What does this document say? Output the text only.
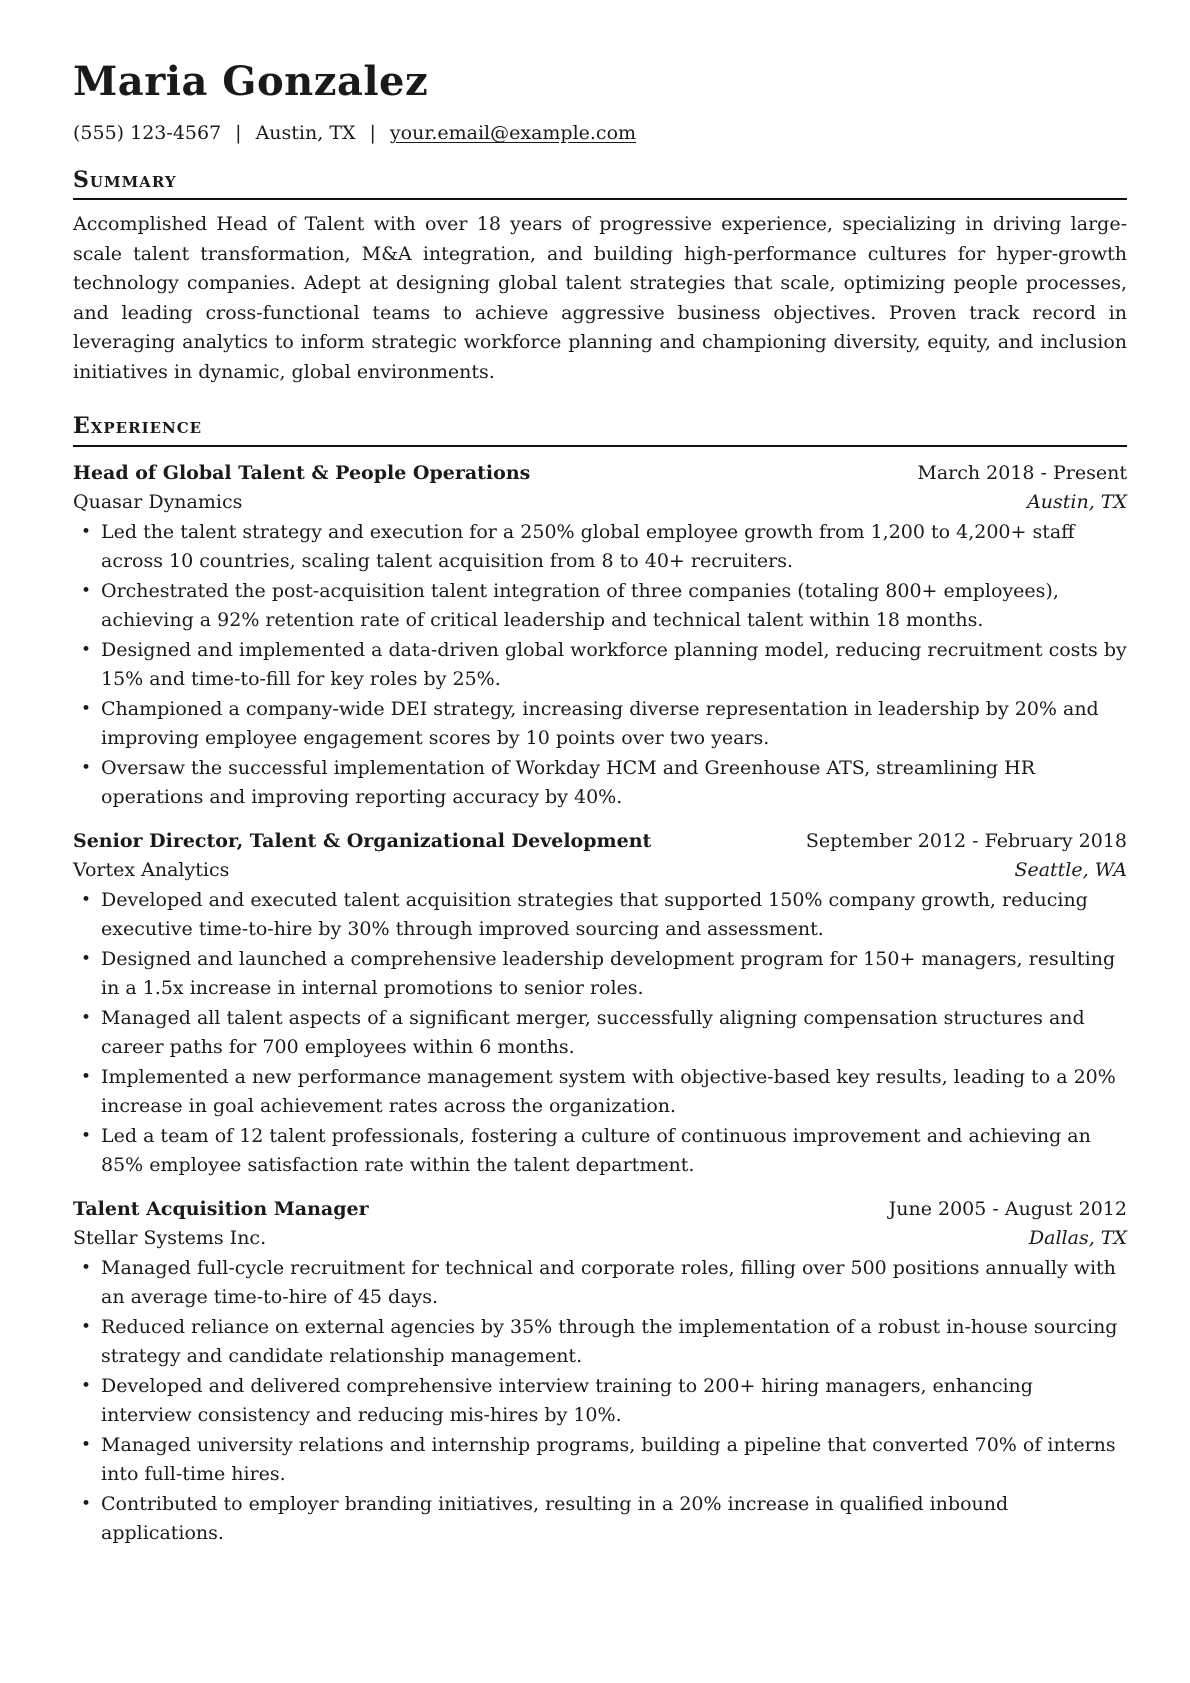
Maria Gonzalez
(555) 123-4567 | Austin, TX | your.email@example.com
Summary

Accomplished Head of Talent with over 18 years of progressive experience, specializing in driving large-scale talent transformation, M&A integration, and building high-performance cultures for hyper-growth technology companies. Adept at designing global talent strategies that scale, optimizing people processes, and leading cross-functional teams to achieve aggressive business objectives. Proven track record in leveraging analytics to inform strategic workforce planning and championing diversity, equity, and inclusion initiatives in dynamic, global environments.

Experience
Head of Global Talent & People Operations	March 2018 - Present
Quasar Dynamics	Austin, TX
• Led the talent strategy and execution for a 250% global employee growth from 1,200 to 4,200+ staff across 10 countries, scaling talent acquisition from 8 to 40+ recruiters.
• Orchestrated the post-acquisition talent integration of three companies (totaling 800+ employees), achieving a 92% retention rate of critical leadership and technical talent within 18 months.
• Designed and implemented a data-driven global workforce planning model, reducing recruitment costs by 15% and time-to-fill for key roles by 25%.
• Championed a company-wide DEI strategy, increasing diverse representation in leadership by 20% and improving employee engagement scores by 10 points over two years.
• Oversaw the successful implementation of Workday HCM and Greenhouse ATS, streamlining HR operations and improving reporting accuracy by 40%.
Senior Director, Talent & Organizational Development	September 2012 - February 2018
Vortex Analytics	Seattle, WA
• Developed and executed talent acquisition strategies that supported 150% company growth, reducing executive time-to-hire by 30% through improved sourcing and assessment.
• Designed and launched a comprehensive leadership development program for 150+ managers, resulting in a 1.5x increase in internal promotions to senior roles.
• Managed all talent aspects of a significant merger, successfully aligning compensation structures and career paths for 700 employees within 6 months.
• Implemented a new performance management system with objective-based key results, leading to a 20% increase in goal achievement rates across the organization.
• Led a team of 12 talent professionals, fostering a culture of continuous improvement and achieving an 85% employee satisfaction rate within the talent department.
Talent Acquisition Manager	June 2005 - August 2012
Stellar Systems Inc.	Dallas, TX
• Managed full-cycle recruitment for technical and corporate roles, filling over 500 positions annually with an average time-to-hire of 45 days.
• Reduced reliance on external agencies by 35% through the implementation of a robust in-house sourcing strategy and candidate relationship management.
• Developed and delivered comprehensive interview training to 200+ hiring managers, enhancing interview consistency and reducing mis-hires by 10%.
• Managed university relations and internship programs, building a pipeline that converted 70% of interns into full-time hires.
• Contributed to employer branding initiatives, resulting in a 20% increase in qualified inbound applications.
